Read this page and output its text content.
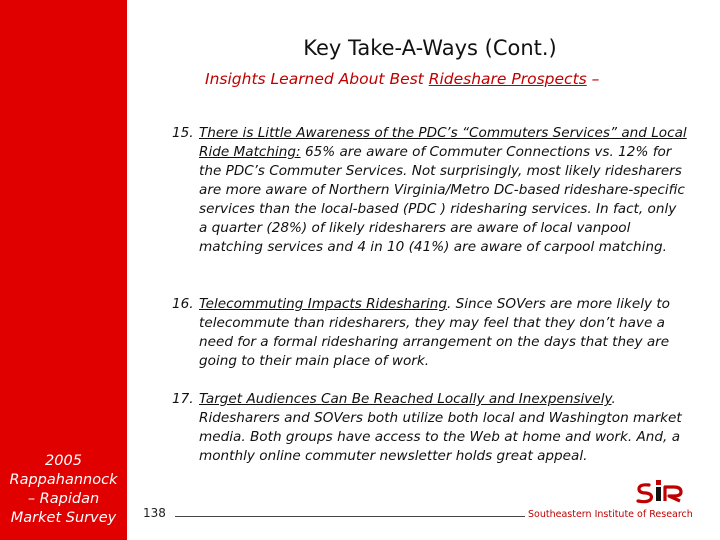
2005
Rappahannock
– Rapidan
Market Survey
Key Take-A-Ways (Cont.)
Insights Learned About Best Rideshare Prospects –
15. There is Little Awareness of the PDC’s “Commuters Services” and Local Ride Matching: 65% are aware of Commuter Connections vs. 12% for the PDC’s Commuter Services. Not surprisingly, most likely ridesharers are more aware of Northern Virginia/Metro DC-based rideshare-specific services than the local-based (PDC ) ridesharing services. In fact, only a quarter (28%) of likely ridesharers are aware of local vanpool matching services and 4 in 10 (41%) are aware of carpool matching.
16. Telecommuting Impacts Ridesharing. Since SOVers are more likely to telecommute than ridesharers, they may feel that they don’t have a need for a formal ridesharing arrangement on the days that they are going to their main place of work.
17. Target Audiences Can Be Reached Locally and Inexpensively. Ridesharers and SOVers both utilize both local and Washington market media. Both groups have access to the Web at home and work. And, a monthly online commuter newsletter holds great appeal.
138	Southeastern Institute of Research
